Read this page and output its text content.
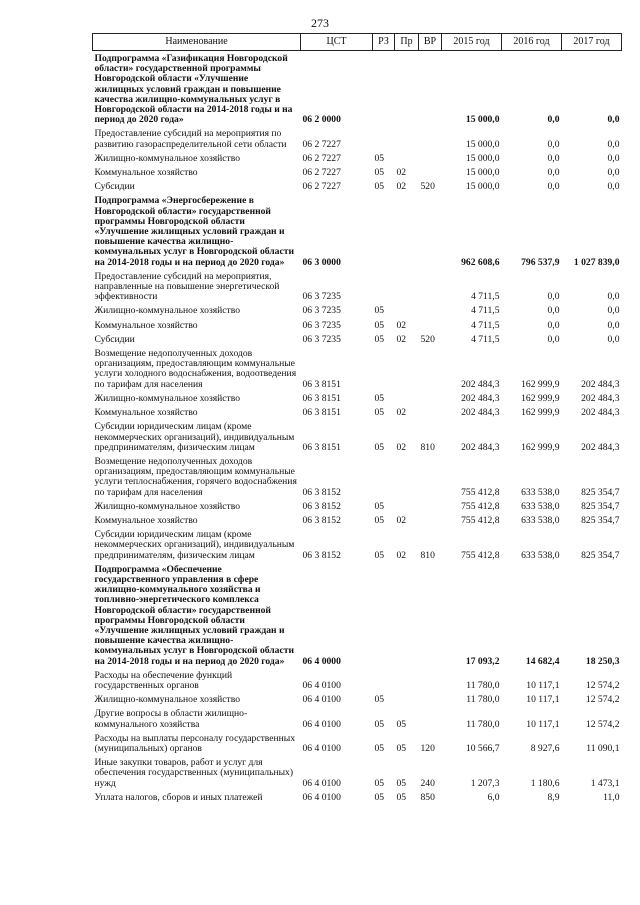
273
Наименование	ЦСТ	РЗ	Пр	ВР	2015 год	2016 год	2017 год
Подпрограмма «Газификация Новгородской области» государственной программы Новгородской области «Улучшение жилищных условий граждан и повышение качества жилищно-коммунальных услуг в Новгородской области на 2014-2018 годы и на период до 2020 года»	06 2 0000				15 000,0	0,0	0,0
Предоставление субсидий на мероприятия по развитию газораспределительной сети области	06 2 7227				15 000,0	0,0	0,0
Жилищно-коммунальное хозяйство	06 2 7227	05			15 000,0	0,0	0,0
Коммунальное хозяйство	06 2 7227	05	02		15 000,0	0,0	0,0
Субсидии	06 2 7227	05	02	520	15 000,0	0,0	0,0
Подпрограмма «Энергосбережение в Новгородской области» государственной программы Новгородской области «Улучшение жилищных условий граждан и повышение качества жилищно-коммунальных услуг в Новгородской области на 2014-2018 годы и на период до 2020 года»	06 3 0000				962 608,6	796 537,9	1 027 839,0
Предоставление субсидий на мероприятия, направленные на повышение энергетической эффективности	06 3 7235				4 711,5	0,0	0,0
Жилищно-коммунальное хозяйство	06 3 7235	05			4 711,5	0,0	0,0
Коммунальное хозяйство	06 3 7235	05	02		4 711,5	0,0	0,0
Субсидии	06 3 7235	05	02	520	4 711,5	0,0	0,0
Возмещение недополученных доходов организациям, предоставляющим коммунальные услуги холодного водоснабжения, водоотведения по тарифам для населения	06 3 8151				202 484,3	162 999,9	202 484,3
Жилищно-коммунальное хозяйство	06 3 8151	05			202 484,3	162 999,9	202 484,3
Коммунальное хозяйство	06 3 8151	05	02		202 484,3	162 999,9	202 484,3
Субсидии юридическим лицам (кроме некоммерческих организаций), индивидуальным предпринимателям, физическим лицам	06 3 8151	05	02	810	202 484,3	162 999,9	202 484,3
Возмещение недополученных доходов организациям, предоставляющим коммунальные услуги теплоснабжения, горячего водоснабжения по тарифам для населения	06 3 8152				755 412,8	633 538,0	825 354,7
Жилищно-коммунальное хозяйство	06 3 8152	05			755 412,8	633 538,0	825 354,7
Коммунальное хозяйство	06 3 8152	05	02		755 412,8	633 538,0	825 354,7
Субсидии юридическим лицам (кроме некоммерческих организаций), индивидуальным предпринимателям, физическим лицам	06 3 8152	05	02	810	755 412,8	633 538,0	825 354,7
Подпрограмма «Обеспечение государственного управления в сфере жилищно-коммунального хозяйства и топливно-энергетического комплекса Новгородской области» государственной программы Новгородской области «Улучшение жилищных условий граждан и повышение качества жилищно-коммунальных услуг в Новгородской области на 2014-2018 годы и на период до 2020 года»	06 4 0000				17 093,2	14 682,4	18 250,3
Расходы на обеспечение функций государственных органов	06 4 0100				11 780,0	10 117,1	12 574,2
Жилищно-коммунальное хозяйство	06 4 0100	05			11 780,0	10 117,1	12 574,2
Другие вопросы в области жилищно-коммунального хозяйства	06 4 0100	05	05		11 780,0	10 117,1	12 574,2
Расходы на выплаты персоналу государственных (муниципальных) органов	06 4 0100	05	05	120	10 566,7	8 927,6	11 090,1
Иные закупки товаров, работ и услуг для обеспечения государственных (муниципальных) нужд	06 4 0100	05	05	240	1 207,3	1 180,6	1 473,1
Уплата налогов, сборов и иных платежей	06 4 0100	05	05	850	6,0	8,9	11,0
